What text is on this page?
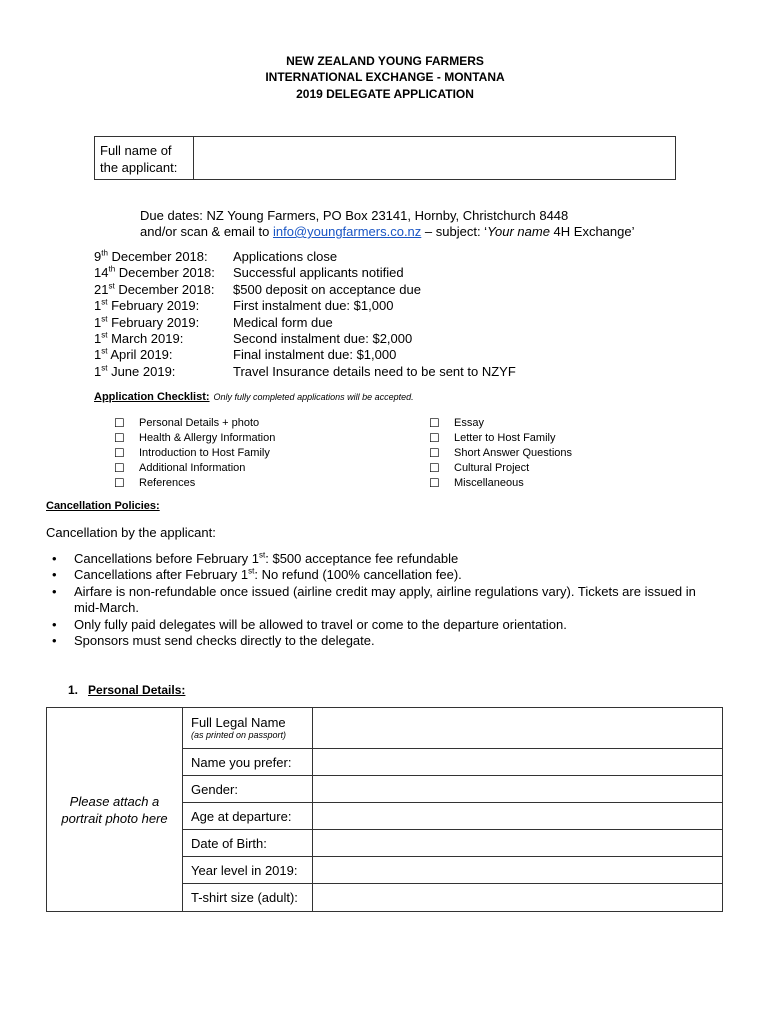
NEW ZEALAND YOUNG FARMERS
INTERNATIONAL EXCHANGE - MONTANA
2019 DELEGATE APPLICATION
Full name of
the applicant:
Due dates: NZ Young Farmers, PO Box 23141, Hornby, Christchurch 8448
and/or scan & email to info@youngfarmers.co.nz – subject: ‘Your name 4H Exchange’
9th December 2018:	Applications close
14th December 2018:	Successful applicants notified
21st December 2018:	$500 deposit on acceptance due
1st February 2019:	First instalment due: $1,000
1st February 2019:	Medical form due
1st March 2019:	Second instalment due: $2,000
1st April 2019:	Final instalment due: $1,000
1st June 2019:	Travel Insurance details need to be sent to NZYF
Application Checklist: Only fully completed applications will be accepted.
☐	Personal Details + photo
☐	Health & Allergy Information
☐	Introduction to Host Family
☐	Additional Information
☐	References
☐	Essay
☐	Letter to Host Family
☐	Short Answer Questions
☐	Cultural Project
☐	Miscellaneous
Cancellation Policies:
Cancellation by the applicant:
•	Cancellations before February 1st: $500 acceptance fee refundable
•	Cancellations after February 1st: No refund (100% cancellation fee).
•	Airfare is non-refundable once issued (airline credit may apply, airline regulations vary). Tickets are issued in mid-March.
•	Only fully paid delegates will be allowed to travel or come to the departure orientation.
•	Sponsors must send checks directly to the delegate.
1. Personal Details:
Please attach a
portrait photo here
Full Legal Name
(as printed on passport)
Name you prefer:
Gender:
Age at departure:
Date of Birth:
Year level in 2019:
T-shirt size (adult):
